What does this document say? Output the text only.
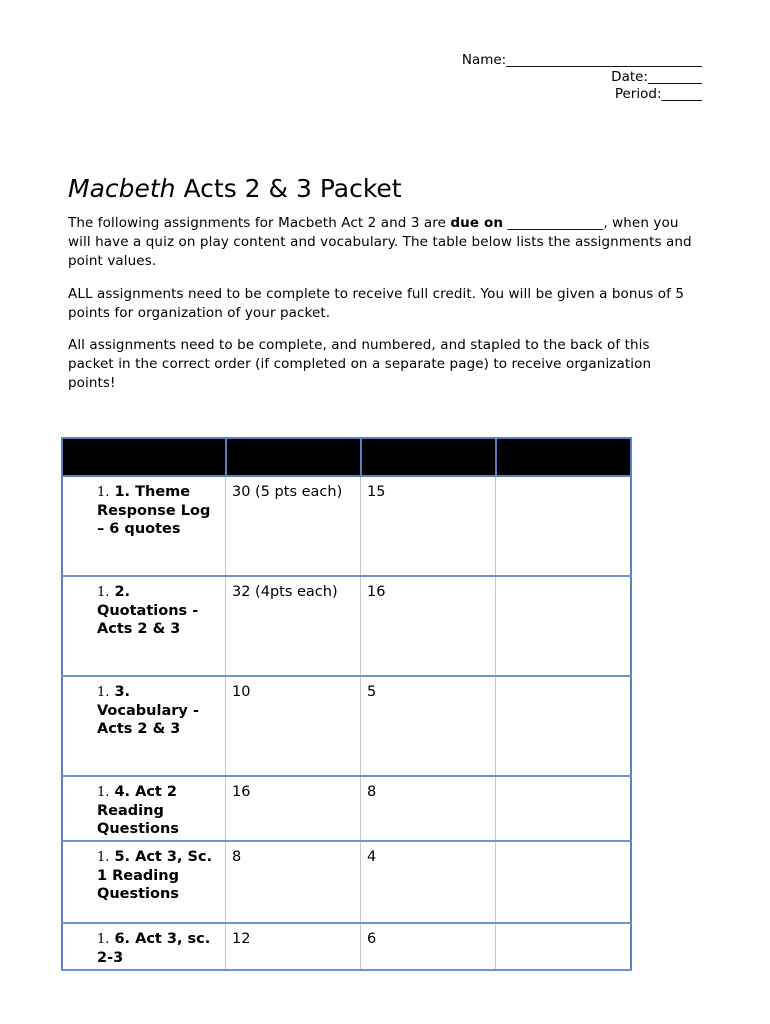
Name:_____________________________
Date:________
Period:______
Macbeth Acts 2 & 3 Packet

The following assignments for Macbeth Act 2 and 3 are due on ______________, when you will have a quiz on play content and vocabulary. The table below lists the assignments and point values.

ALL assignments need to be complete to receive full credit. You will be given a bonus of 5 points for organization of your packet.

All assignments need to be complete, and numbered, and stapled to the back of this packet in the correct order (if completed on a separate page) to receive organization points!

1. 1. Theme Response Log – 6 quotes	30 (5 pts each)	15	
1. 2. Quotations - Acts 2 & 3	32 (4pts each)	16	
1. 3. Vocabulary - Acts 2 & 3	10	5	
1. 4. Act 2 Reading Questions	16	8	
1. 5. Act 3, Sc. 1 Reading Questions	8	4	
1. 6. Act 3, sc. 2-3	12	6	
